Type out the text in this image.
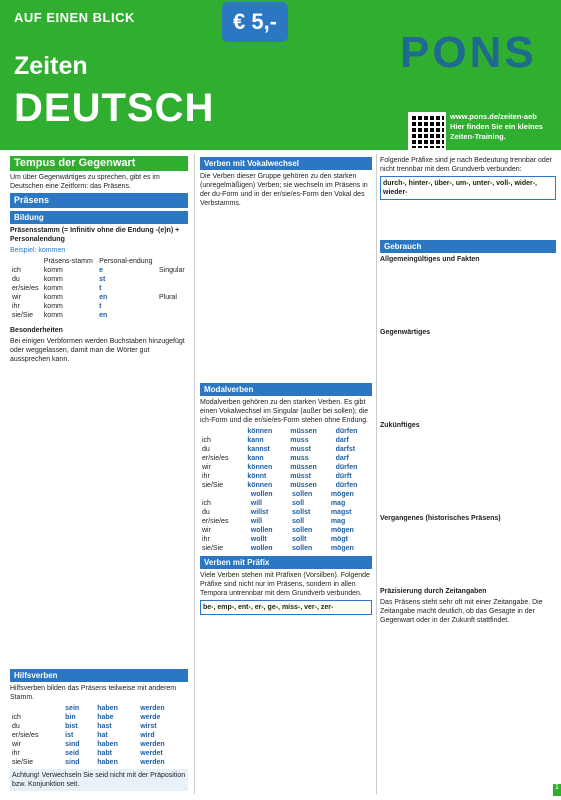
AUF EINEN BLICK	€ 5,-
Zeiten
DEUTSCH
PONS
www.pons.de/zeiten-aeb
Hier finden Sie ein kleines Zeiten-Training.
Tempus der Gegenwart
Um über Gegenwärtiges zu sprechen, gibt es im Deutschen eine Zeitform: das Präsens.
Präsens
Bildung
Präsensstamm (= Infinitiv ohne die Endung -(e)n) + Personalendung
Beispiel: kommen
	Präsens-stamm	Personal-endung	
ich	komm	e	Singular
du	komm	st	
er/sie/es	komm	t	
wir	komm	en	Plural
ihr	komm	t	
sie/Sie	komm	en	
Besonderheiten
Bei einigen Verbformen werden Buchstaben hinzugefügt oder weggelassen, damit man die Wörter gut aussprechen kann.
Hilfsverben
Hilfsverben bilden das Präsens teilweise mit anderem Stamm.
	sein	haben	werden
ich	bin	habe	werde
du	bist	hast	wirst
er/sie/es	ist	hat	wird
wir	sind	haben	werden
ihr	seid	habt	werdet
sie/Sie	sind	haben	werden
Achtung! Verwechseln Sie seid nicht mit der Präposition bzw. Konjunktion seit.
Verben mit Vokalwechsel
Die Verben dieser Gruppe gehören zu den starken (unregelmäßigen) Verben; sie wechseln im Präsens in der du-Form und in der er/sie/es-Form den Vokal des Verbstamms.
Modalverben
Modalverben gehören zu den starken Verben. Es gibt einen Vokalwechsel im Singular (außer bei sollen); die ich-Form und die er/sie/es-Form stehen ohne Endung.
	können	müssen	dürfen
ich	kann	muss	darf
du	kannst	musst	darfst
er/sie/es	kann	muss	darf
wir	können	müssen	dürfen
ihr	könnt	müsst	dürft
sie/Sie	können	müssen	dürfen
	wollen	sollen	mögen
ich	will	soll	mag
du	willst	sollst	magst
er/sie/es	will	soll	mag
wir	wollen	sollen	mögen
ihr	wollt	sollt	mögt
sie/Sie	wollen	sollen	mögen
Verben mit Präfix
Viele Verben stehen mit Präfixen (Vorsilben). Folgende Präfixe sind nicht nur im Präsens, sondern in allen Tempora untrennbar mit dem Grundverb verbunden.
be-, emp-, ent-, er-, ge-, miss-, ver-, zer-
Folgende Präfixe sind je nach Bedeutung trennbar oder nicht trennbar mit dem Grundverb verbunden:
durch-, hinter-, über-, um-, unter-, voll-, wider-, wieder-
Gebrauch
Allgemeingültiges und Fakten
Gegenwärtiges
Zukünftiges
Vergangenes (historisches Präsens)
Präzisierung durch Zeitangaben
Das Präsens steht sehr oft mit einer Zeitangabe. Die Zeitangabe macht deutlich, ob das Gesagte in der Gegenwart oder in der Zukunft stattfindet.
1
